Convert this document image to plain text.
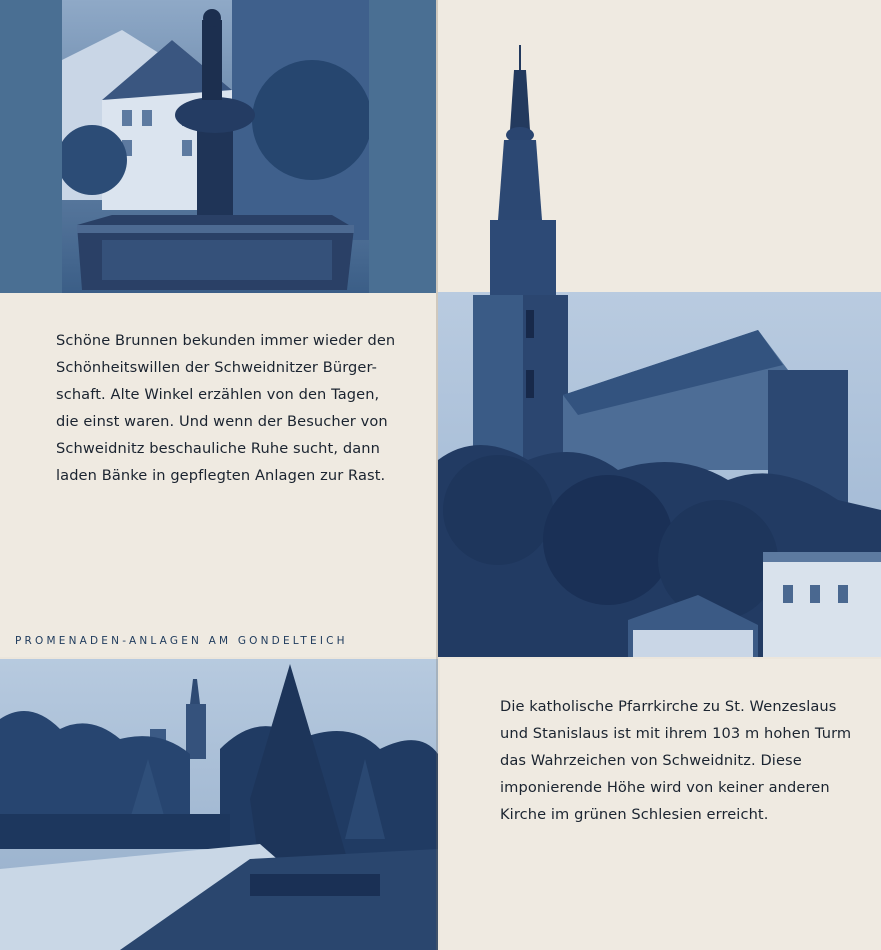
Schöne Brunnen bekunden immer wieder den
Schönheitswillen der Schweidnitzer Bürger-
schaft. Alte Winkel erzählen von den Tagen,
die einst waren. Und wenn der Besucher von
Schweidnitz beschauliche Ruhe sucht, dann
laden Bänke in gepflegten Anlagen zur Rast.
PROMENADEN-ANLAGEN AM GONDELTEICH
Die katholische Pfarrkirche zu St. Wenzeslaus
und Stanislaus ist mit ihrem 103 m hohen Turm
das Wahrzeichen von Schweidnitz. Diese
imponierende Höhe wird von keiner anderen
Kirche im grünen Schlesien erreicht.
